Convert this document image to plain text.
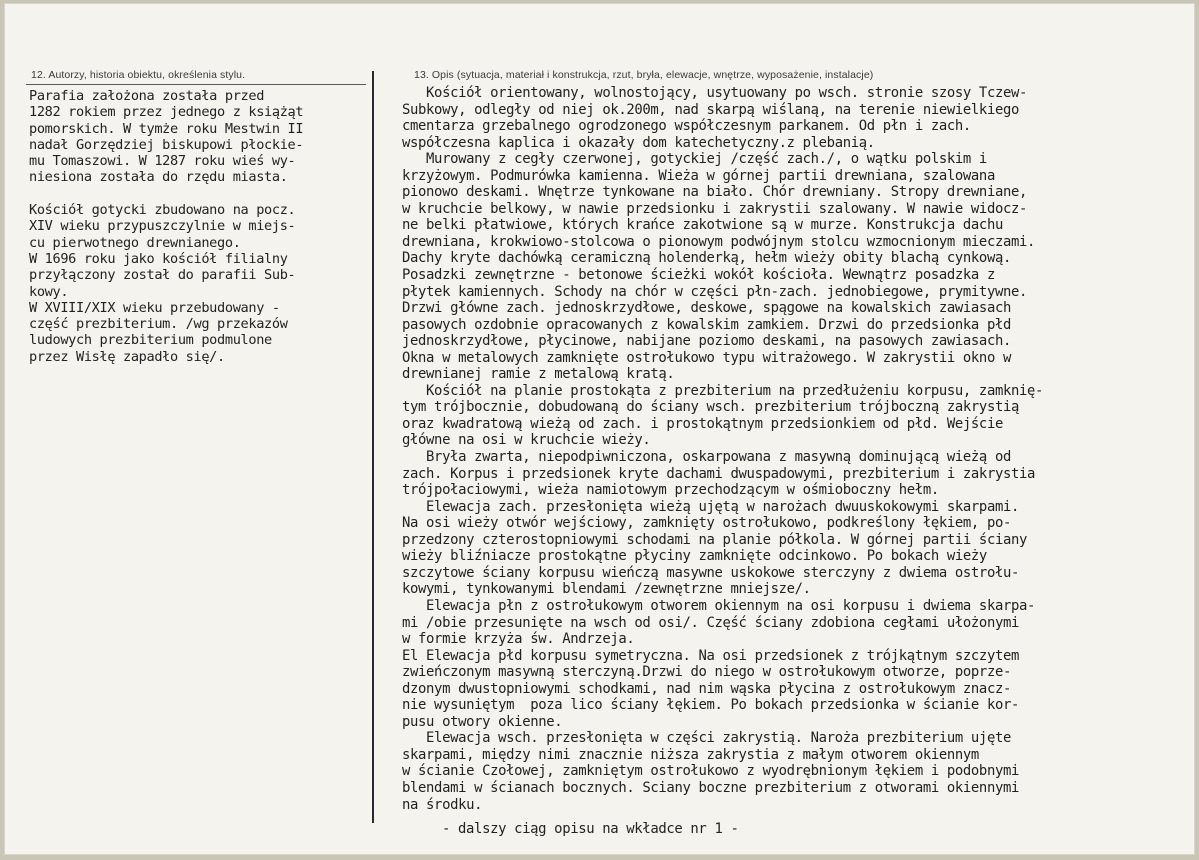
12. Autorzy, historia obiektu, określenia stylu.	13. Opis (sytuacja, materiał i konstrukcja, rzut, bryła, elewacje, wnętrze, wyposażenie, instalacje)
Parafia założona została przed
1282 rokiem przez jednego z książąt
pomorskich. W tymże roku Mestwin II
nadał Gorzędziej biskupowi płockie-
mu Tomaszowi. W 1287 roku wieś wy-
niesiona została do rzędu miasta.
Kościół gotycki zbudowano na pocz.
XIV wieku przypuszczylnie w miejs-
cu pierwotnego drewnianego.
W 1696 roku jako kościół filialny
przyłączony został do parafii Sub-
kowy.
W XVIII/XIX wieku przebudowany -
część prezbiterium. /wg przekazów
ludowych prezbiterium podmulone
przez Wisłę zapadło się/.
Kościół orientowany, wolnostojący, usytuowany po wsch. stronie szosy Tczew-
Subkowy, odległy od niej ok.200m, nad skarpą wiślaną, na terenie niewielkiego
cmentarza grzebalnego ogrodzonego współczesnym parkanem. Od płn i zach.
współczesna kaplica i okazały dom katechetyczny.z plebanią.
Murowany z cegły czerwonej, gotyckiej /część zach./, o wątku polskim i
krzyżowym. Podmurówka kamienna. Wieża w górnej partii drewniana, szalowana
pionowo deskami. Wnętrze tynkowane na biało. Chór drewniany. Stropy drewniane,
w kruchcie belkowy, w nawie przedsionku i zakrystii szalowany. W nawie widocz-
ne belki płatwiowe, których krańce zakotwione są w murze. Konstrukcja dachu
drewniana, krokwiowo-stolcowa o pionowym podwójnym stolcu wzmocnionym mieczami.
Dachy kryte dachówką ceramiczną holenderką, hełm wieży obity blachą cynkową.
Posadzki zewnętrzne - betonowe ścieżki wokół kościoła. Wewnątrz posadzka z
płytek kamiennych. Schody na chór w części płn-zach. jednobiegowe, prymitywne.
Drzwi główne zach. jednoskrzydłowe, deskowe, spągowe na kowalskich zawiasach
pasowych ozdobnie opracowanych z kowalskim zamkiem. Drzwi do przedsionka płd
jednoskrzydłowe, płycinowe, nabijane poziomo deskami, na pasowych zawiasach.
Okna w metalowych zamknięte ostrołukowo typu witrażowego. W zakrystii okno w
drewnianej ramie z metalową kratą.
Kościół na planie prostokąta z prezbiterium na przedłużeniu korpusu, zamknię-
tym trójbocznie, dobudowaną do ściany wsch. prezbiterium trójboczną zakrystią
oraz kwadratową wieżą od zach. i prostokątnym przedsionkiem od płd. Wejście
główne na osi w kruchcie wieży.
Bryła zwarta, niepodpiwniczona, oskarpowana z masywną dominującą wieżą od
zach. Korpus i przedsionek kryte dachami dwuspadowymi, prezbiterium i zakrystia
trójpołaciowymi, wieża namiotowym przechodzącym w ośmioboczny hełm.
Elewacja zach. przesłonięta wieżą ujętą w narożach dwuuskokowymi skarpami.
Na osi wieży otwór wejściowy, zamknięty ostrołukowo, podkreślony łękiem, po-
przedzony czterostopniowymi schodami na planie półkola. W górnej partii ściany
wieży bliźniacze prostokątne płyciny zamknięte odcinkowo. Po bokach wieży
szczytowe ściany korpusu wieńczą masywne uskokowe sterczyny z dwiema ostrołu-
kowymi, tynkowanymi blendami /zewnętrzne mniejsze/.
Elewacja płn z ostrołukowym otworem okiennym na osi korpusu i dwiema skarpa-
mi /obie przesunięte na wsch od osi/. Część ściany zdobiona cegłami ułożonymi
w formie krzyża św. Andrzeja.
El Elewacja płd korpusu symetryczna. Na osi przedsionek z trójkątnym szczytem
zwieńczonym masywną sterczyną.Drzwi do niego w ostrołukowym otworze, poprze-
dzonym dwustopniowymi schodkami, nad nim wąska płycina z ostrołukowym znacz-
nie wysuniętym  poza lico ściany łękiem. Po bokach przedsionka w ścianie kor-
pusu otwory okienne.
Elewacja wsch. przesłonięta w części zakrystią. Naroża prezbiterium ujęte
skarpami, między nimi znacznie niższa zakrystia z małym otworem okiennym
w ścianie Czołowej, zamkniętym ostrołukowo z wyodrębnionym łękiem i podobnymi
blendami w ścianach bocznych. Sciany boczne prezbiterium z otworami okiennymi
na środku.
- dalszy ciąg opisu na wkładce nr 1 -
